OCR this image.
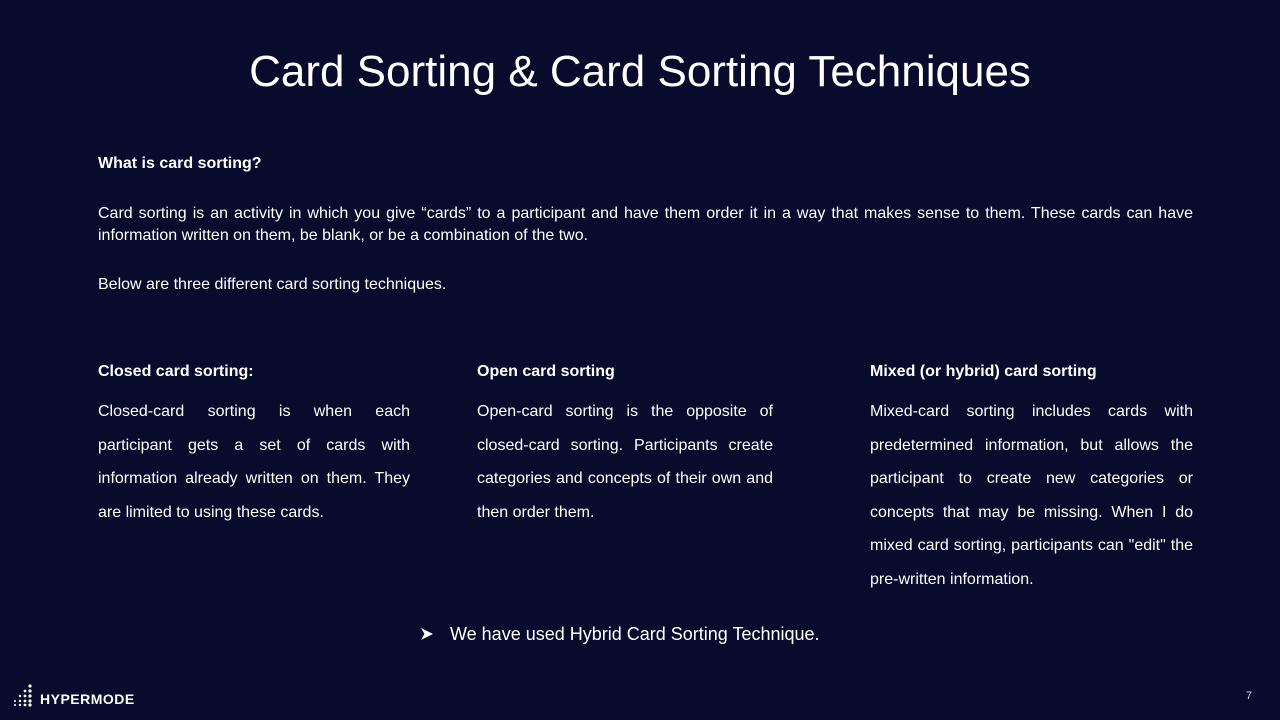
Card Sorting & Card Sorting Techniques

What is card sorting?

Card sorting is an activity in which you give “cards” to a participant and have them order it in a way that makes sense to them. These cards can have information written on them, be blank, or be a combination of the two.

Below are three different card sorting techniques.

Closed card sorting:

Closed-card sorting is when each participant gets a set of cards with information already written on them. They are limited to using these cards.

Open card sorting

Open-card sorting is the opposite of closed-card sorting. Participants create categories and concepts of their own and then order them.

Mixed (or hybrid) card sorting

Mixed-card sorting includes cards with predetermined information, but allows the participant to create new categories or concepts that may be missing. When I do mixed card sorting, participants can "edit" the pre-written information.

We have used Hybrid Card Sorting Technique.
HYPERMODE	7
